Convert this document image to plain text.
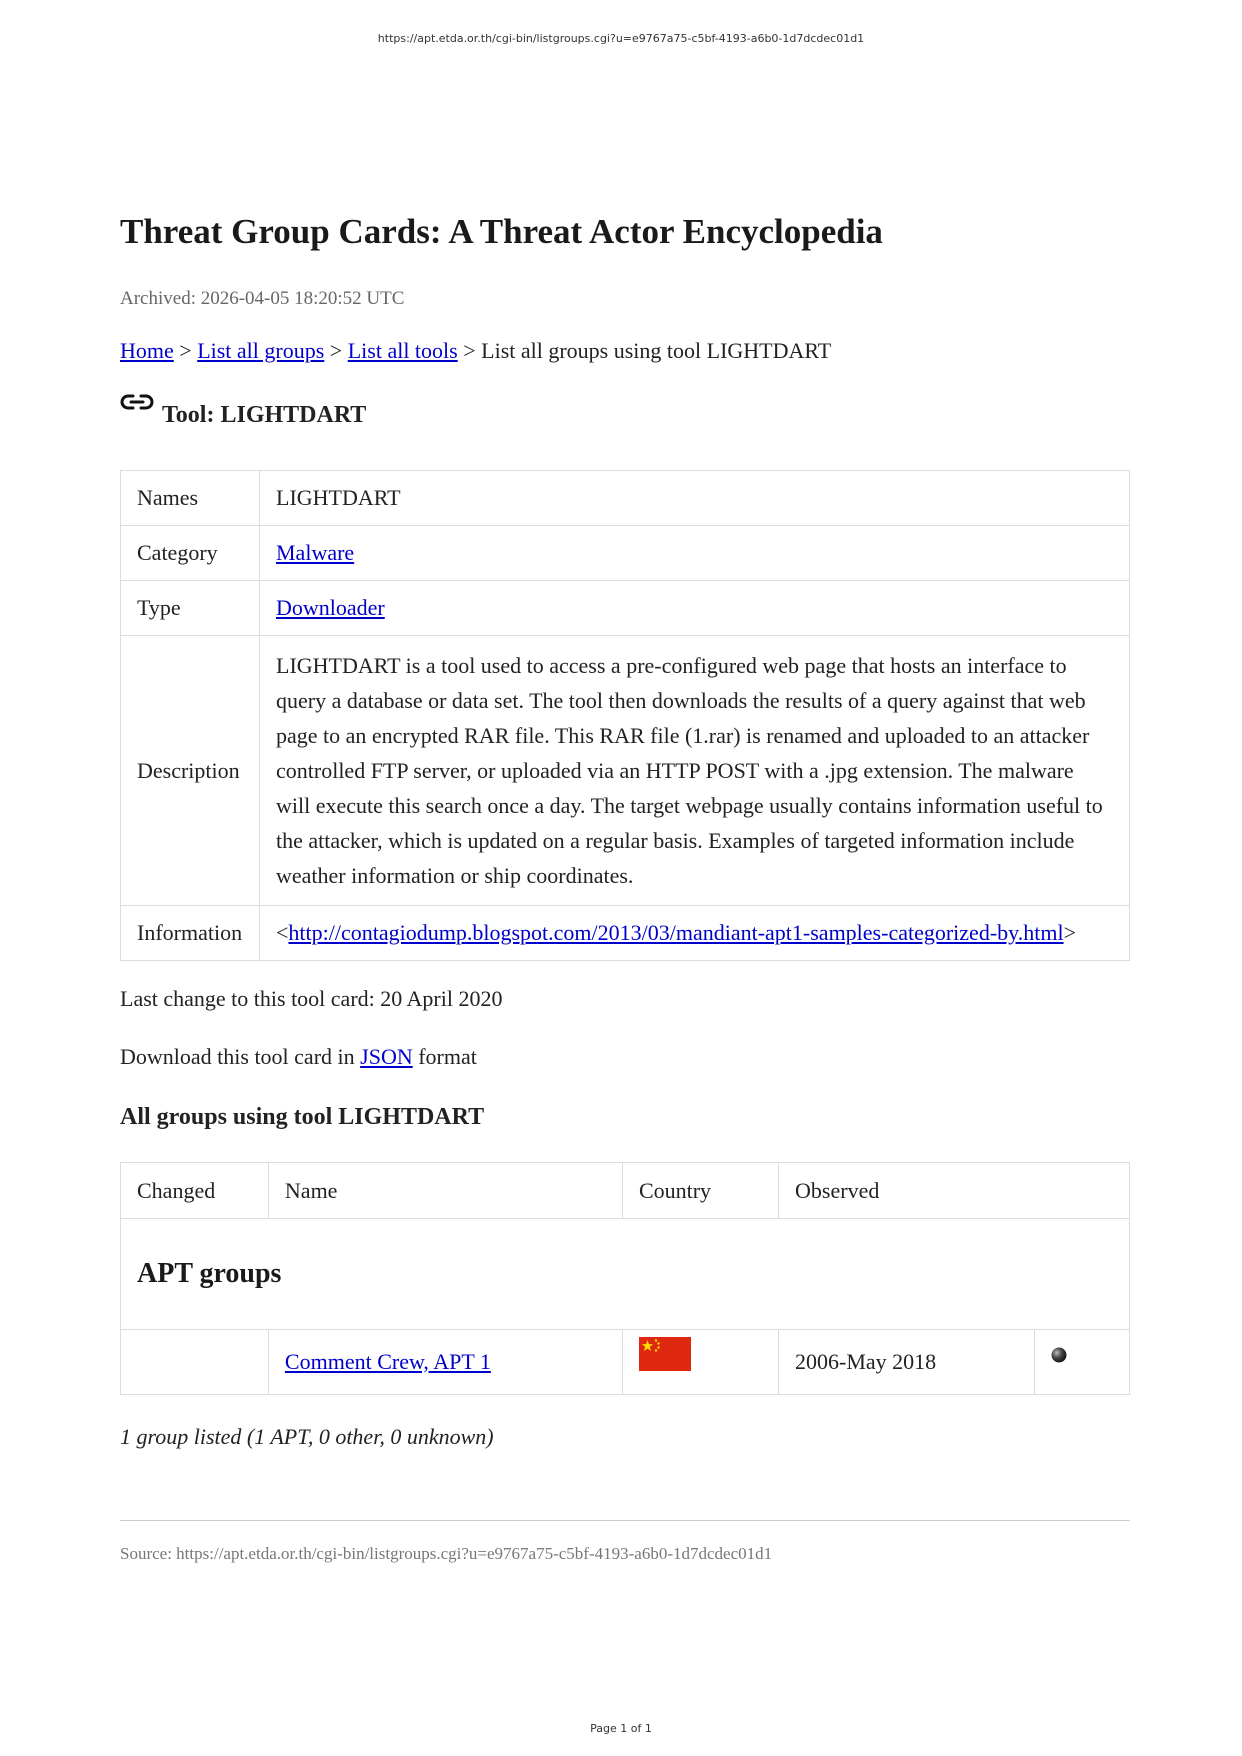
https://apt.etda.or.th/cgi-bin/listgroups.cgi?u=e9767a75-c5bf-4193-a6b0-1d7dcdec01d1
Threat Group Cards: A Threat Actor Encyclopedia
Archived: 2026-04-05 18:20:52 UTC
Home > List all groups > List all tools > List all groups using tool LIGHTDART
Tool: LIGHTDART
Names	LIGHTDART
Category	Malware
Type	Downloader
Description	LIGHTDART is a tool used to access a pre-configured web page that hosts an interface to query a database or data set. The tool then downloads the results of a query against that web page to an encrypted RAR file. This RAR file (1.rar) is renamed and uploaded to an attacker controlled FTP server, or uploaded via an HTTP POST with a .jpg extension. The malware will execute this search once a day. The target webpage usually contains information useful to the attacker, which is updated on a regular basis. Examples of targeted information include weather information or ship coordinates.
Information	<http://contagiodump.blogspot.com/2013/03/mandiant-apt1-samples-categorized-by.html>
Last change to this tool card: 20 April 2020
Download this tool card in JSON format
All groups using tool LIGHTDART
Changed	Name	Country	Observed	
APT groups				
	Comment Crew, APT 1		2006-May 2018	
1 group listed (1 APT, 0 other, 0 unknown)
Source: https://apt.etda.or.th/cgi-bin/listgroups.cgi?u=e9767a75-c5bf-4193-a6b0-1d7dcdec01d1
Page 1 of 1
